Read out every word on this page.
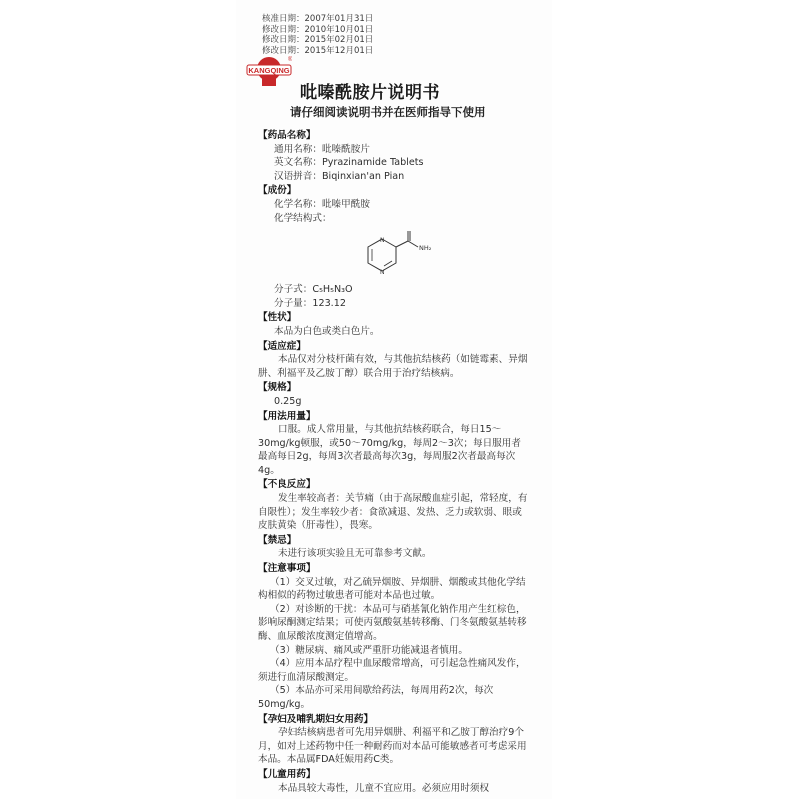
核准日期：2007年01月31日
修改日期：2010年10月01日
修改日期：2015年02月01日
修改日期：2015年12月01日
KANGQING
®
吡嗪酰胺片说明书
请仔细阅读说明书并在医师指导下使用
【药品名称】
通用名称：吡嗪酰胺片
英文名称：Pyrazinamide Tablets
汉语拼音：Biqinxian'an Pian
【成份】
化学名称：吡嗪甲酰胺
化学结构式：
N
N
NH₂
分子式：C₅H₅N₃O
分子量：123.12
【性状】
本品为白色或类白色片。
【适应症】
本品仅对分枝杆菌有效，与其他抗结核药（如链霉素、异烟肼、利福平及乙胺丁醇）联合用于治疗结核病。
【规格】
0.25g
【用法用量】
口服。成人常用量，与其他抗结核药联合，每日15～30mg/kg顿服，或50～70mg/kg，每周2～3次；每日服用者最高每日2g，每周3次者最高每次3g，每周服2次者最高每次4g。
【不良反应】
发生率较高者：关节痛（由于高尿酸血症引起，常轻度，有自限性）；发生率较少者：食欲减退、发热、乏力或软弱、眼或皮肤黄染（肝毒性），畏寒。
【禁忌】
未进行该项实验且无可靠参考文献。
【注意事项】
（1）交叉过敏，对乙硫异烟胺、异烟肼、烟酸或其他化学结构相似的药物过敏患者可能对本品也过敏。
（2）对诊断的干扰：本品可与硝基氰化钠作用产生红棕色，影响尿酮测定结果；可使丙氨酸氨基转移酶、门冬氨酸氨基转移酶、血尿酸浓度测定值增高。
（3）糖尿病、痛风或严重肝功能减退者慎用。
（4）应用本品疗程中血尿酸常增高，可引起急性痛风发作，须进行血清尿酸测定。
（5）本品亦可采用间歇给药法，每周用药2次，每次50mg/kg。
【孕妇及哺乳期妇女用药】
孕妇结核病患者可先用异烟肼、利福平和乙胺丁醇治疗9个月，如对上述药物中任一种耐药而对本品可能敏感者可考虑采用本品。本品属FDA妊娠用药C类。
【儿童用药】
本品具较大毒性，儿童不宜应用。必须应用时须权
